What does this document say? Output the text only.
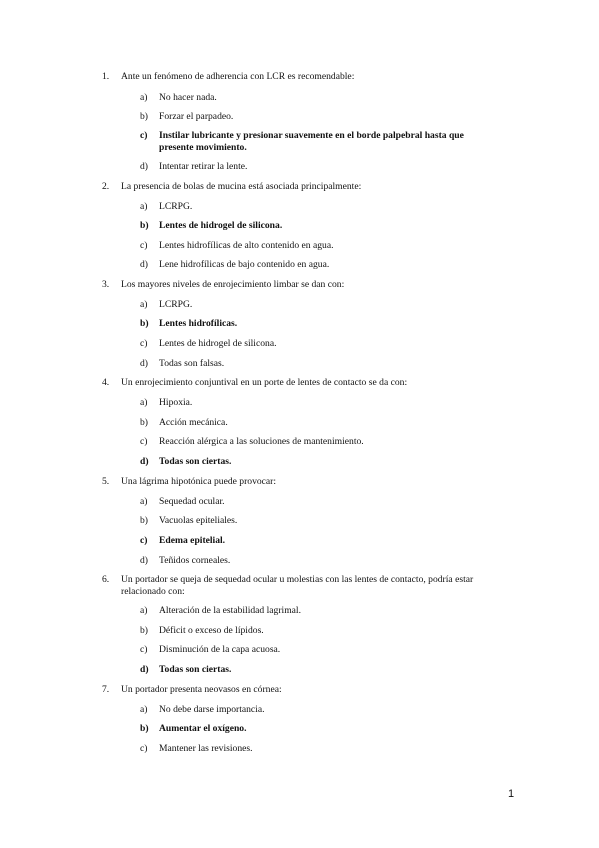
1.	Ante un fenómeno de adherencia con LCR es recomendable:
a)	No hacer nada.
b)	Forzar el parpadeo.
c)	Instilar lubricante y presionar suavemente en el borde palpebral hasta que presente movimiento.
d)	Intentar retirar la lente.
2.	La presencia de bolas de mucina está asociada principalmente:
a)	LCRPG.
b)	Lentes de hidrogel de silicona.
c)	Lentes hidrofílicas de alto contenido en agua.
d)	Lene hidrofílicas de bajo contenido en agua.
3.	Los mayores niveles de enrojecimiento limbar se dan con:
a)	LCRPG.
b)	Lentes hidrofílicas.
c)	Lentes de hidrogel de silicona.
d)	Todas son falsas.
4.	Un enrojecimiento conjuntival en un porte de lentes de contacto se da con:
a)	Hipoxia.
b)	Acción mecánica.
c)	Reacción alérgica a las soluciones de mantenimiento.
d)	Todas son ciertas.
5.	Una lágrima hipotónica puede provocar:
a)	Sequedad ocular.
b)	Vacuolas epiteliales.
c)	Edema epitelial.
d)	Teñidos corneales.
6.	Un portador se queja de sequedad ocular u molestias con las lentes de contacto, podría estar relacionado con:
a)	Alteración de la estabilidad lagrimal.
b)	Déficit o exceso de lípidos.
c)	Disminución de la capa acuosa.
d)	Todas son ciertas.
7.	Un portador presenta neovasos en córnea:
a)	No debe darse importancia.
b)	Aumentar el oxígeno.
c)	Mantener las revisiones.
1
